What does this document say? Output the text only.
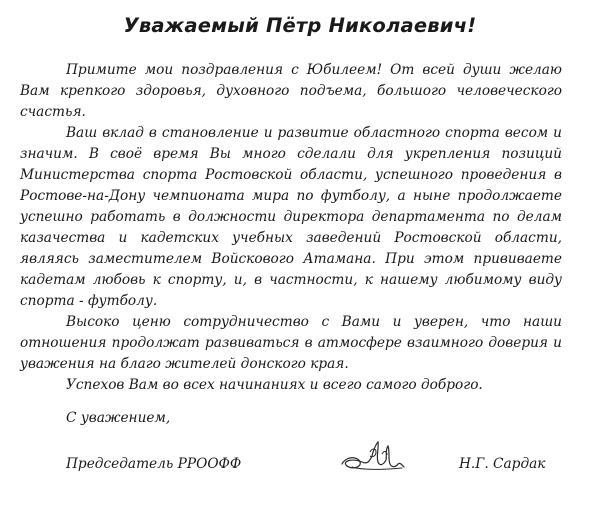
Уважаемый Пётр Николаевич!

Примите мои поздравления с Юбилеем! От всей души желаю Вам крепкого здоровья, духовного подъема, большого человеческого счастья.

Ваш вклад в становление и развитие областного спорта весом и значим. В своё время Вы много сделали для укрепления позиций Министерства спорта Ростовской области, успешного проведения в Ростове-на-Дону чемпионата мира по футболу, а ныне продолжаете успешно работать в должности директора департамента по делам казачества и кадетских учебных заведений Ростовской области, являясь заместителем Войскового Атамана. При этом прививаете кадетам любовь к спорту, и, в частности, к нашему любимому виду спорта - футболу.

Высоко ценю сотрудничество с Вами и уверен, что наши отношения продолжат развиваться в атмосфере взаимного доверия и уважения на благо жителей донского края.

Успехов Вам во всех начинаниях и всего самого доброго.

С уважением,
Председатель РРООФФ	Н.Г. Сардак
